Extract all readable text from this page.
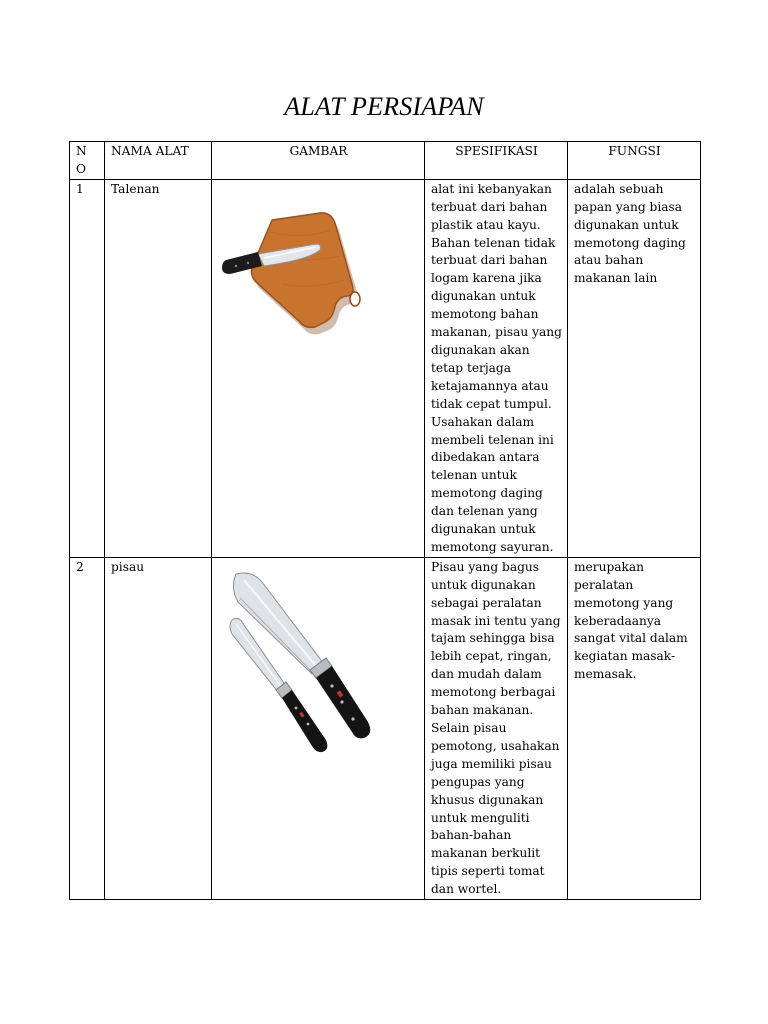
ALAT PERSIAPAN
N O	NAMA ALAT	GAMBAR	SPESIFIKASI	FUNGSI
1	Talenan		alat ini kebanyakan terbuat dari bahan plastik atau kayu. Bahan telenan tidak terbuat dari bahan logam karena jika digunakan untuk memotong bahan makanan, pisau yang digunakan akan tetap terjaga ketajamannya atau tidak cepat tumpul. Usahakan dalam membeli telenan ini dibedakan antara telenan untuk memotong daging dan telenan yang digunakan untuk memotong sayuran.	adalah sebuah papan yang biasa digunakan untuk memotong daging atau bahan makanan lain

2	pisau		Pisau yang bagus untuk digunakan sebagai peralatan masak ini tentu yang tajam sehingga bisa lebih cepat, ringan, dan mudah dalam memotong berbagai bahan makanan. Selain pisau pemotong, usahakan juga memiliki pisau pengupas yang khusus digunakan untuk menguliti bahan-bahan makanan berkulit tipis seperti tomat dan wortel.	merupakan peralatan memotong yang keberadaanya sangat vital dalam kegiatan masak-memasak.
